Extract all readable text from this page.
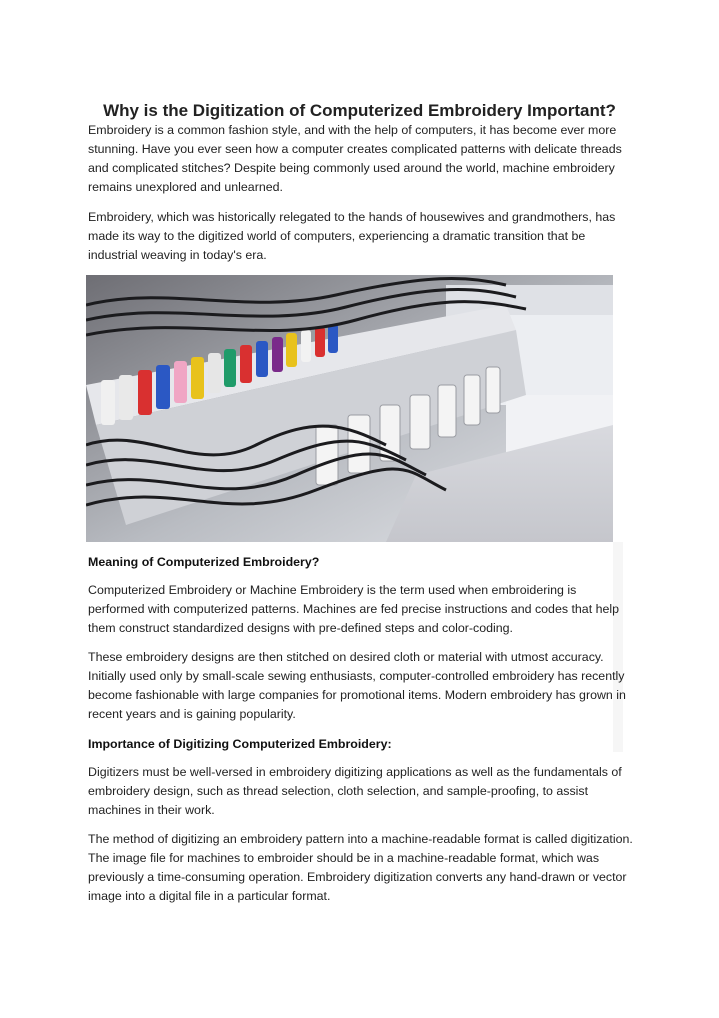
Why is the Digitization of Computerized Embroidery Important?

Embroidery is a common fashion style, and with the help of computers, it has become ever more stunning. Have you ever seen how a computer creates complicated patterns with delicate threads and complicated stitches? Despite being commonly used around the world, machine embroidery remains unexplored and unlearned.

Embroidery, which was historically relegated to the hands of housewives and grandmothers, has made its way to the digitized world of computers, experiencing a dramatic transition that be industrial weaving in today's era.

Meaning of Computerized Embroidery?

Computerized Embroidery or Machine Embroidery is the term used when embroidering is performed with computerized patterns. Machines are fed precise instructions and codes that help them construct standardized designs with pre-defined steps and color-coding.

These embroidery designs are then stitched on desired cloth or material with utmost accuracy. Initially used only by small-scale sewing enthusiasts, computer-controlled embroidery has recently become fashionable with large companies for promotional items. Modern embroidery has grown in recent years and is gaining popularity.

Importance of Digitizing Computerized Embroidery:

Digitizers must be well-versed in embroidery digitizing applications as well as the fundamentals of embroidery design, such as thread selection, cloth selection, and sample-proofing, to assist machines in their work.

The method of digitizing an embroidery pattern into a machine-readable format is called digitization. The image file for machines to embroider should be in a machine-readable format, which was previously a time-consuming operation. Embroidery digitization converts any hand-drawn or vector image into a digital file in a particular format.
